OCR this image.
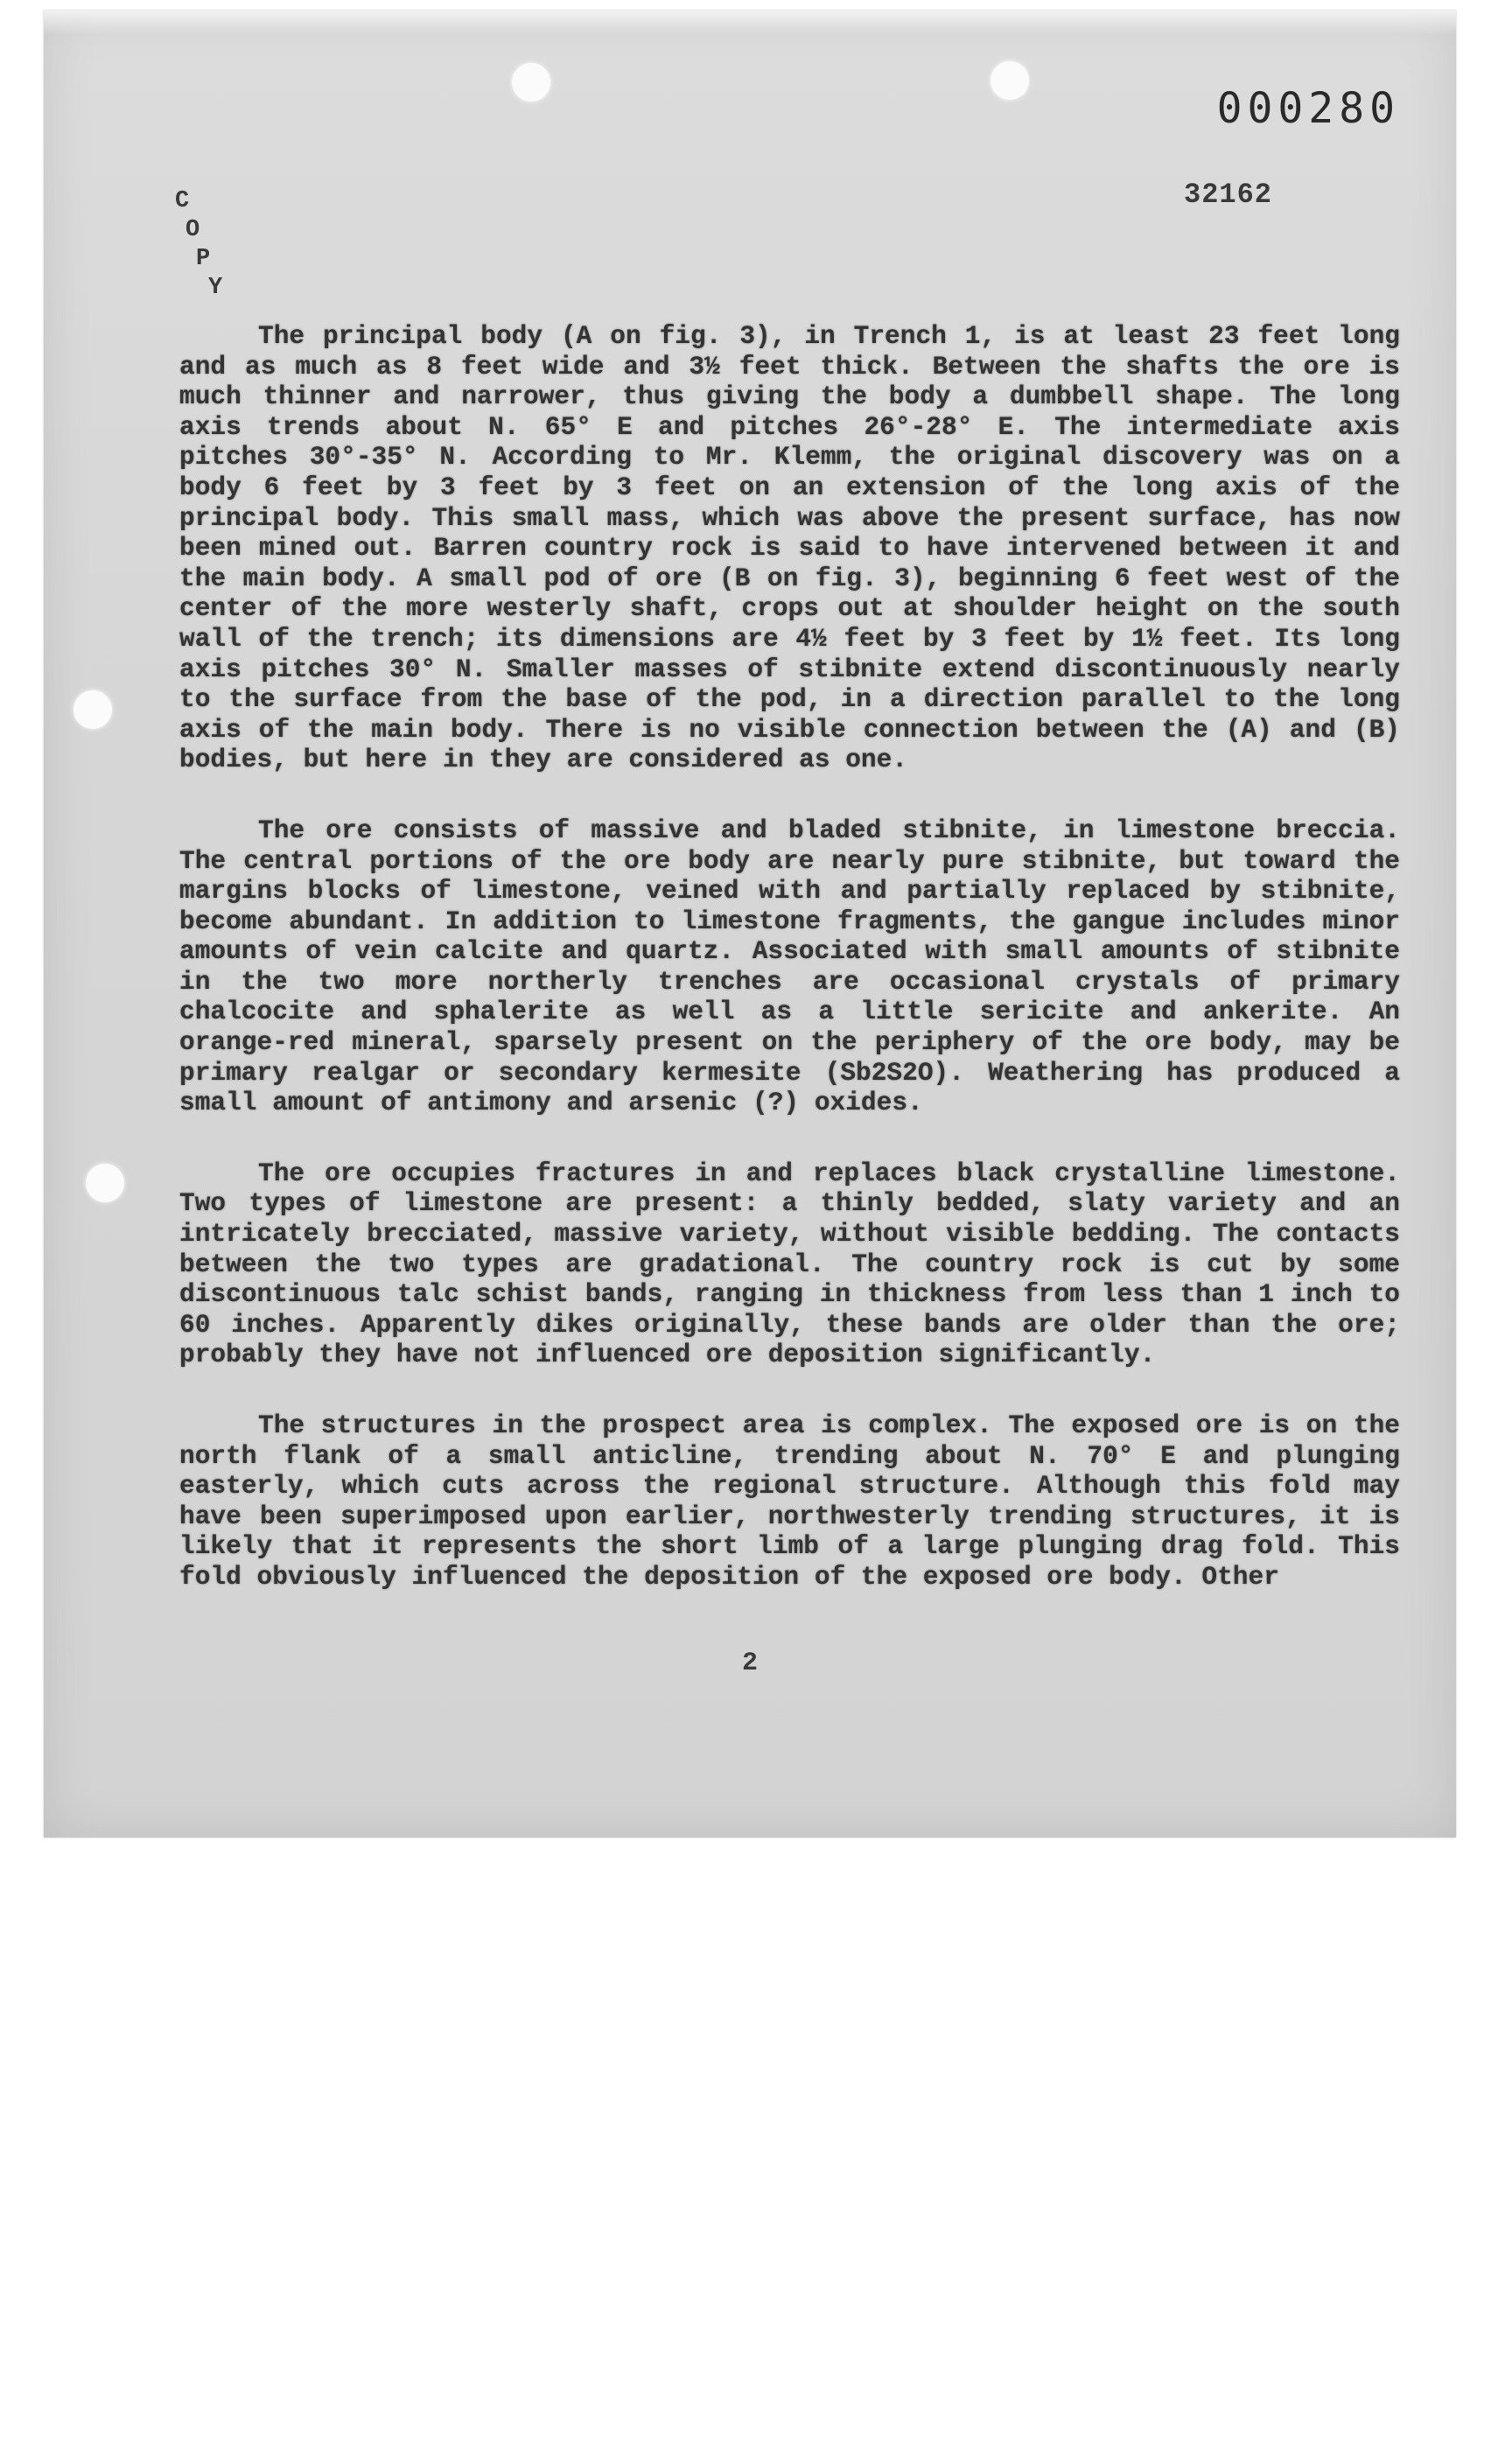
000280
32162
C
O
P
Y

The principal body (A on fig. 3), in Trench 1, is at least 23 feet long and as much as 8 feet wide and 3½ feet thick. Between the shafts the ore is much thinner and narrower, thus giving the body a dumbbell shape. The long axis trends about N. 65° E and pitches 26°-28° E. The intermediate axis pitches 30°-35° N. According to Mr. Klemm, the original discovery was on a body 6 feet by 3 feet by 3 feet on an extension of the long axis of the principal body. This small mass, which was above the present surface, has now been mined out. Barren country rock is said to have intervened between it and the main body. A small pod of ore (B on fig. 3), beginning 6 feet west of the center of the more westerly shaft, crops out at shoulder height on the south wall of the trench; its dimensions are 4½ feet by 3 feet by 1½ feet. Its long axis pitches 30° N. Smaller masses of stibnite extend discontinuously nearly to the surface from the base of the pod, in a direction parallel to the long axis of the main body. There is no visible connection between the (A) and (B) bodies, but here in they are considered as one.

The ore consists of massive and bladed stibnite, in limestone breccia. The central portions of the ore body are nearly pure stibnite, but toward the margins blocks of limestone, veined with and partially replaced by stibnite, become abundant. In addition to limestone fragments, the gangue includes minor amounts of vein calcite and quartz. Associated with small amounts of stibnite in the two more northerly trenches are occasional crystals of primary chalcocite and sphalerite as well as a little sericite and ankerite. An orange-red mineral, sparsely present on the periphery of the ore body, may be primary realgar or secondary kermesite (Sb2S2O). Weathering has produced a small amount of antimony and arsenic (?) oxides.

The ore occupies fractures in and replaces black crystalline limestone. Two types of limestone are present: a thinly bedded, slaty variety and an intricately brecciated, massive variety, without visible bedding. The contacts between the two types are gradational. The country rock is cut by some discontinuous talc schist bands, ranging in thickness from less than 1 inch to 60 inches. Apparently dikes originally, these bands are older than the ore; probably they have not influenced ore deposition significantly.

The structures in the prospect area is complex. The exposed ore is on the north flank of a small anticline, trending about N. 70° E and plunging easterly, which cuts across the regional structure. Although this fold may have been superimposed upon earlier, northwesterly trending structures, it is likely that it represents the short limb of a large plunging drag fold. This fold obviously influenced the deposition of the exposed ore body. Other

2
